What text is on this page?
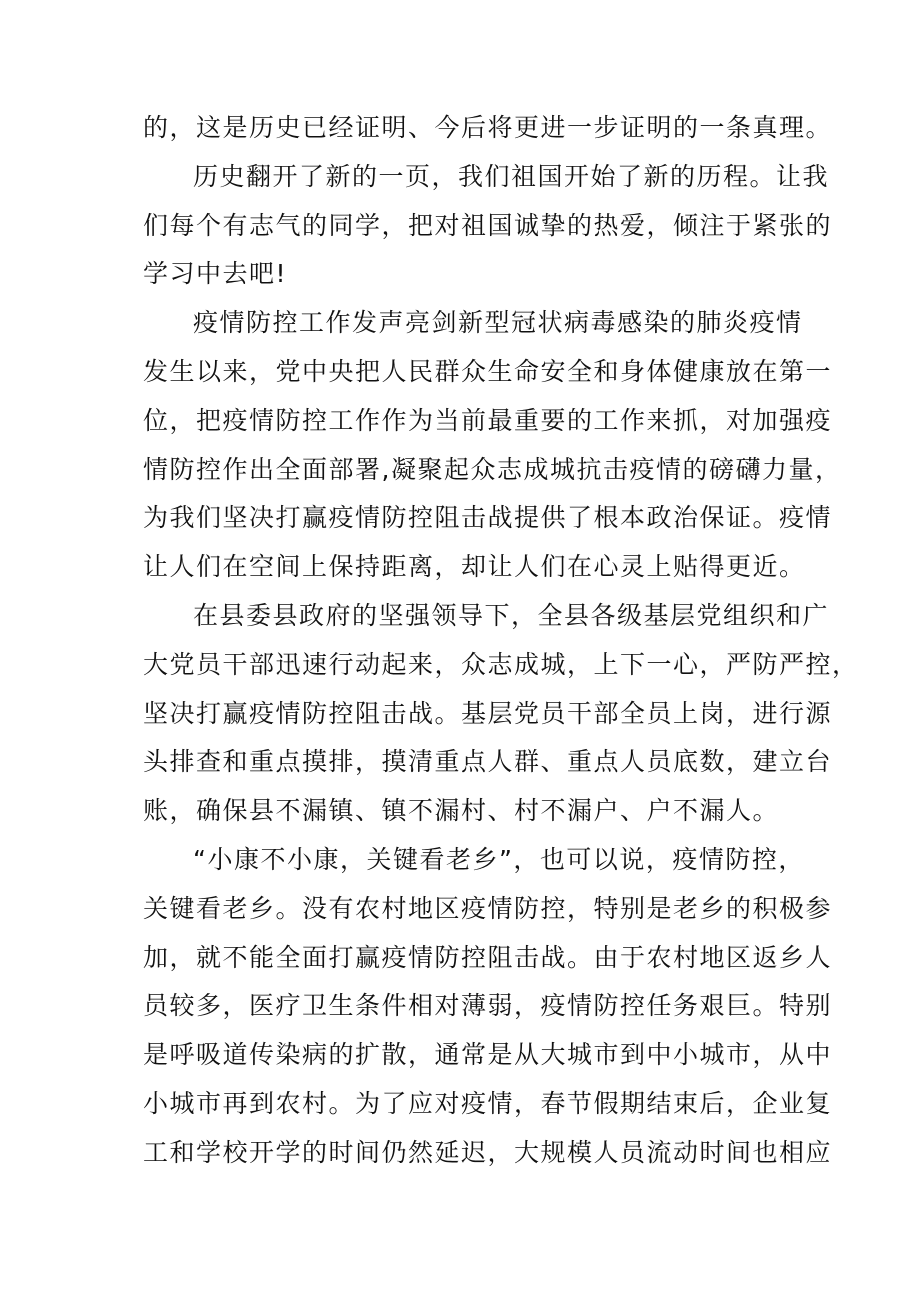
的，这是历史已经证明、今后将更进一步证明的一条真理。
历史翻开了新的一页，我们祖国开始了新的历程。让我
们每个有志气的同学，把对祖国诚挚的热爱，倾注于紧张的
学习中去吧!
疫情防控工作发声亮剑新型冠状病毒感染的肺炎疫情
发生以来，党中央把人民群众生命安全和身体健康放在第一
位，把疫情防控工作作为当前最重要的工作来抓，对加强疫
情防控作出全面部署,凝聚起众志成城抗击疫情的磅礴力量，
为我们坚决打赢疫情防控阻击战提供了根本政治保证。疫情
让人们在空间上保持距离，却让人们在心灵上贴得更近。
在县委县政府的坚强领导下，全县各级基层党组织和广
大党员干部迅速行动起来，众志成城，上下一心，严防严控，
坚决打赢疫情防控阻击战。基层党员干部全员上岗，进行源
头排查和重点摸排，摸清重点人群、重点人员底数，建立台
账，确保县不漏镇、镇不漏村、村不漏户、户不漏人。
“小康不小康，关键看老乡”，也可以说，疫情防控，
关键看老乡。没有农村地区疫情防控，特别是老乡的积极参
加，就不能全面打赢疫情防控阻击战。由于农村地区返乡人
员较多，医疗卫生条件相对薄弱，疫情防控任务艰巨。特别
是呼吸道传染病的扩散，通常是从大城市到中小城市，从中
小城市再到农村。为了应对疫情，春节假期结束后，企业复
工和学校开学的时间仍然延迟，大规模人员流动时间也相应
